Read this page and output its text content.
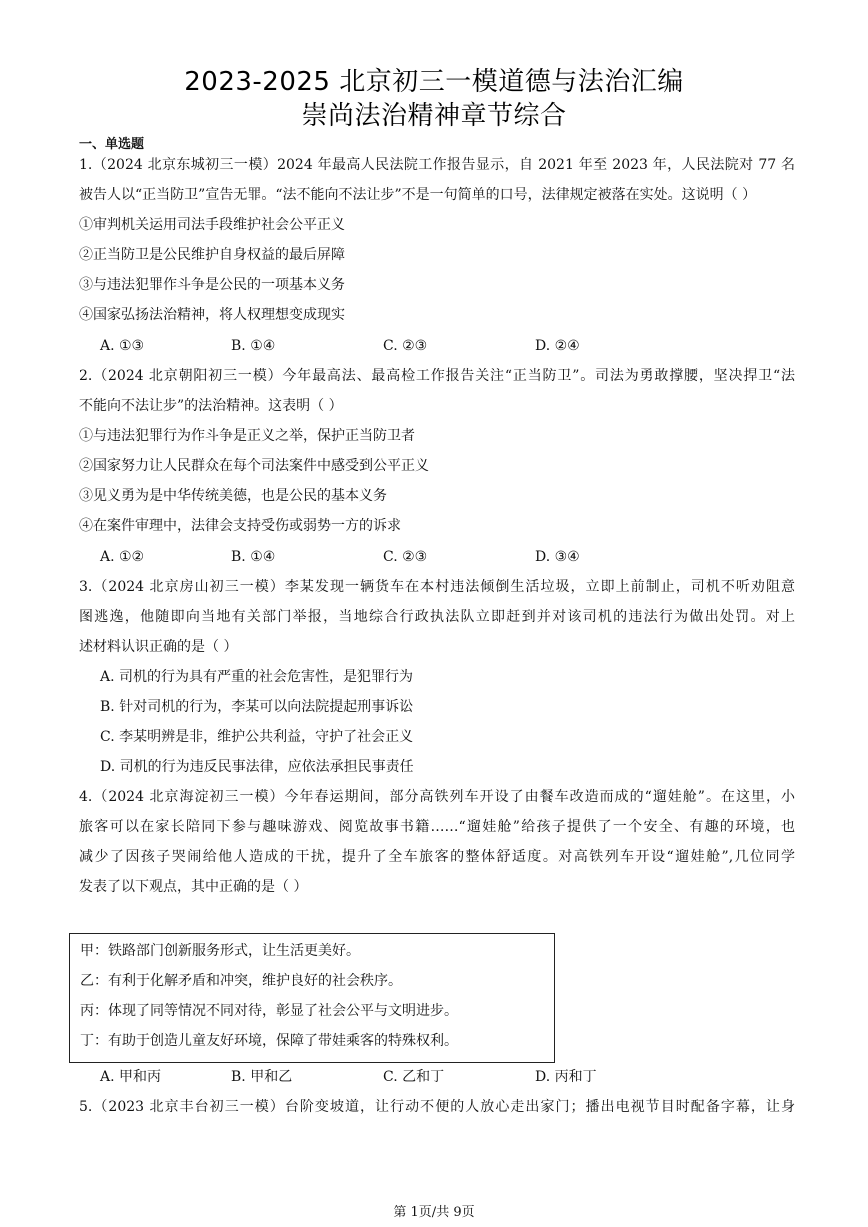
2023-2025 北京初三一模道德与法治汇编
崇尚法治精神章节综合
一、单选题
1.（2024 北京东城初三一模）2024 年最高人民法院工作报告显示，自 2021 年至 2023 年，人民法院对 77 名
被告人以“正当防卫”宣告无罪。“法不能向不法让步”不是一句简单的口号，法律规定被落在实处。这说明（ ）
①审判机关运用司法手段维护社会公平正义
②正当防卫是公民维护自身权益的最后屏障
③与违法犯罪作斗争是公民的一项基本义务
④国家弘扬法治精神，将人权理想变成现实
A. ①③	B. ①④	C. ②③	D. ②④
2.（2024 北京朝阳初三一模）今年最高法、最高检工作报告关注“正当防卫”。司法为勇敢撑腰，坚决捍卫“法
不能向不法让步”的法治精神。这表明（ ）
①与违法犯罪行为作斗争是正义之举，保护正当防卫者
②国家努力让人民群众在每个司法案件中感受到公平正义
③见义勇为是中华传统美德，也是公民的基本义务
④在案件审理中，法律会支持受伤或弱势一方的诉求
A. ①②	B. ①④	C. ②③	D. ③④
3.（2024 北京房山初三一模）李某发现一辆货车在本村违法倾倒生活垃圾，立即上前制止，司机不听劝阻意
图逃逸，他随即向当地有关部门举报，当地综合行政执法队立即赶到并对该司机的违法行为做出处罚。对上
述材料认识正确的是（ ）
A. 司机的行为具有严重的社会危害性，是犯罪行为
B. 针对司机的行为，李某可以向法院提起刑事诉讼
C. 李某明辨是非，维护公共利益，守护了社会正义
D. 司机的行为违反民事法律，应依法承担民事责任
4.（2024 北京海淀初三一模）今年春运期间，部分高铁列车开设了由餐车改造而成的“遛娃舱”。在这里，小
旅客可以在家长陪同下参与趣味游戏、阅览故事书籍……“遛娃舱”给孩子提供了一个安全、有趣的环境，也
减少了因孩子哭闹给他人造成的干扰，提升了全车旅客的整体舒适度。对高铁列车开设“遛娃舱”,几位同学
发表了以下观点，其中正确的是（ ）
甲：铁路部门创新服务形式，让生活更美好。
乙：有利于化解矛盾和冲突，维护良好的社会秩序。
丙：体现了同等情况不同对待，彰显了社会公平与文明进步。
丁：有助于创造儿童友好环境，保障了带娃乘客的特殊权利。
A. 甲和丙	B. 甲和乙	C. 乙和丁	D. 丙和丁
5.（2023 北京丰台初三一模）台阶变坡道，让行动不便的人放心走出家门；播出电视节目时配备字幕，让身
第 1页/共 9页
